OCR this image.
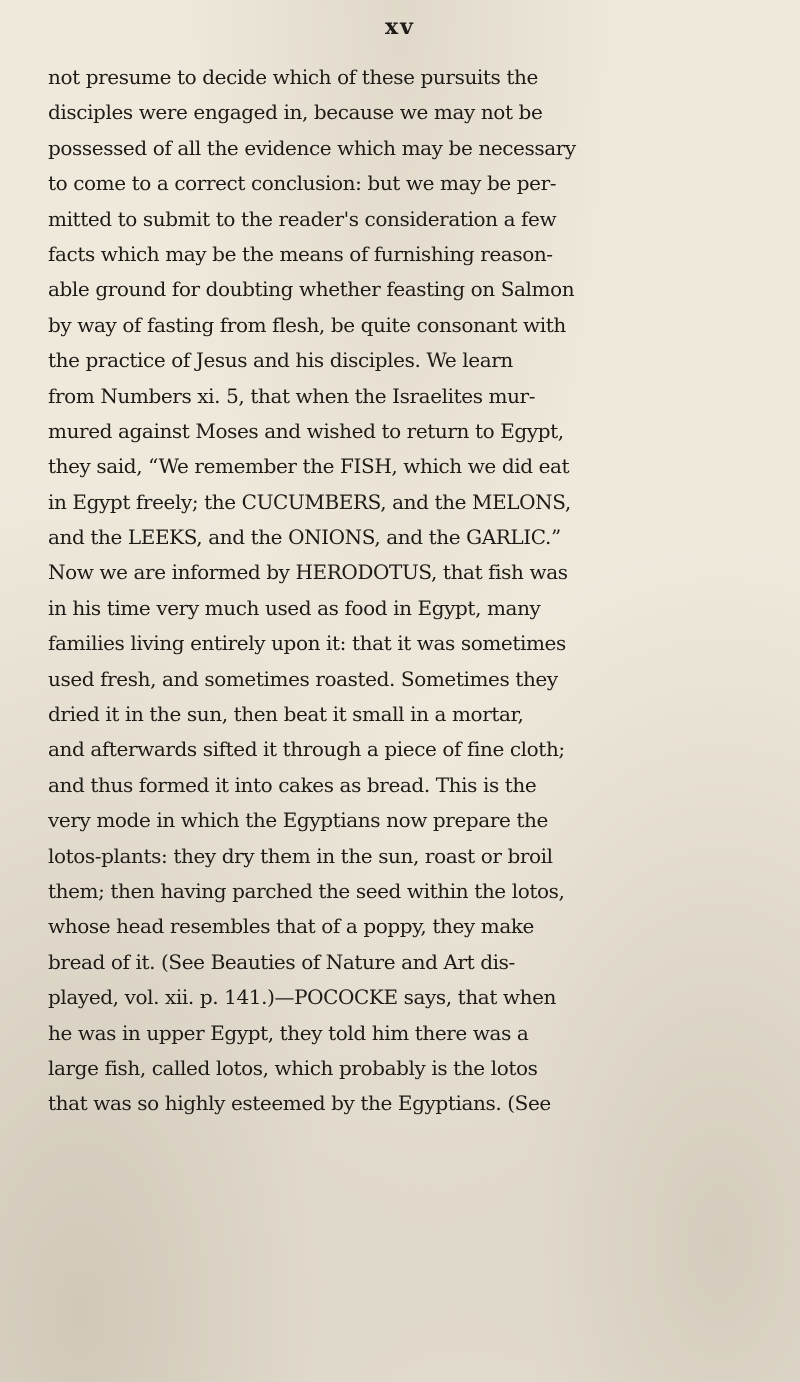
xv
not presume to decide which of these pursuits the
disciples were engaged in, because we may not be
possessed of all the evidence which may be necessary
to come to a correct conclusion: but we may be per-
mitted to submit to the reader's consideration a few
facts which may be the means of furnishing reason-
able ground for doubting whether feasting on Salmon
by way of fasting from flesh, be quite consonant with
the practice of Jesus and his disciples. We learn
from Numbers xi. 5, that when the Israelites mur-
mured against Moses and wished to return to Egypt,
they said, “We remember the FISH, which we did eat
in Egypt freely; the CUCUMBERS, and the MELONS,
and the LEEKS, and the ONIONS, and the GARLIC.”
Now we are informed by HERODOTUS, that fish was
in his time very much used as food in Egypt, many
families living entirely upon it: that it was sometimes
used fresh, and sometimes roasted. Sometimes they
dried it in the sun, then beat it small in a mortar,
and afterwards sifted it through a piece of fine cloth;
and thus formed it into cakes as bread. This is the
very mode in which the Egyptians now prepare the
lotos-plants: they dry them in the sun, roast or broil
them; then having parched the seed within the lotos,
whose head resembles that of a poppy, they make
bread of it. (See Beauties of Nature and Art dis-
played, vol. xii. p. 141.)—POCOCKE says, that when
he was in upper Egypt, they told him there was a
large fish, called lotos, which probably is the lotos
that was so highly esteemed by the Egyptians. (See
